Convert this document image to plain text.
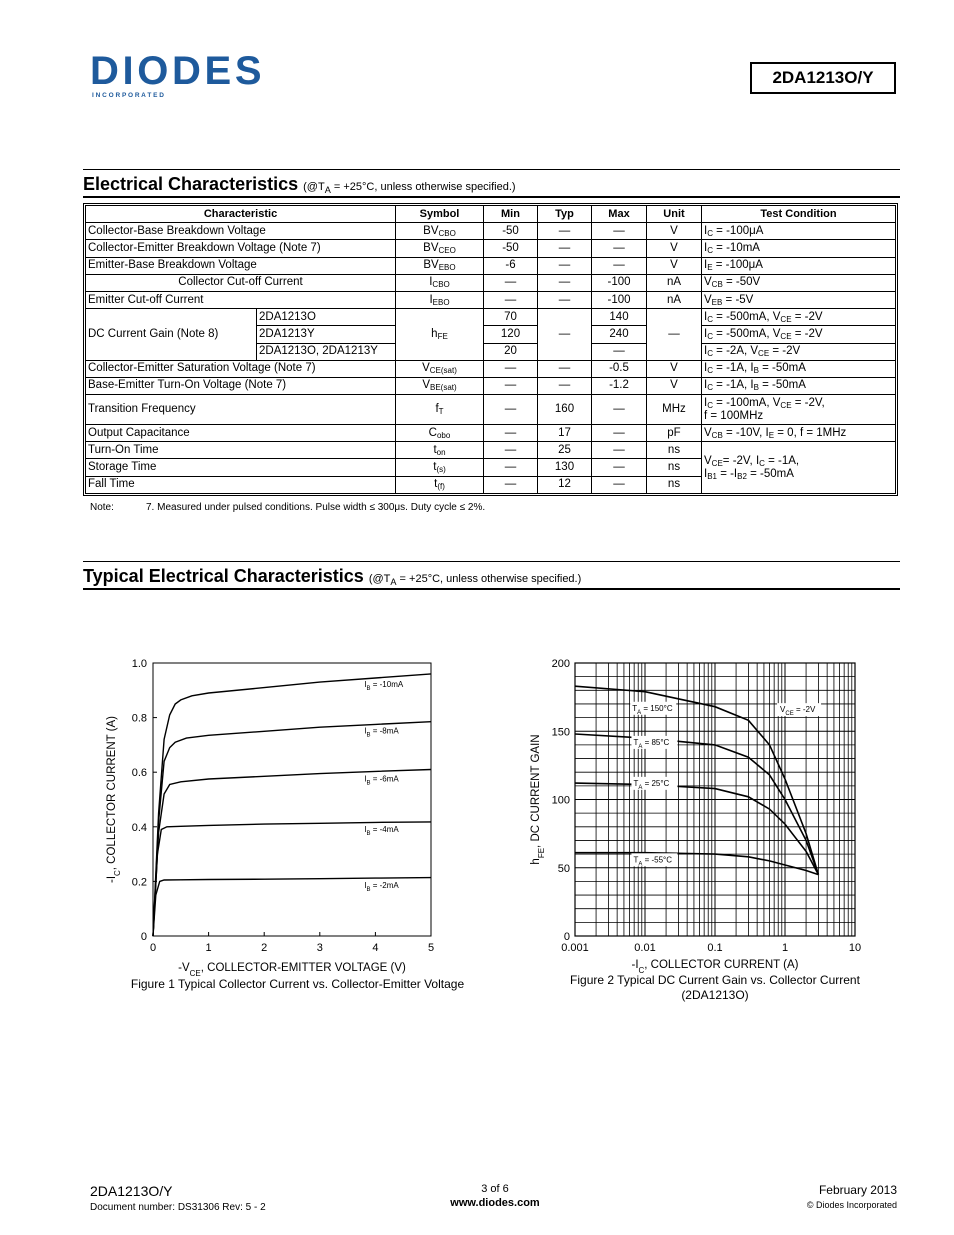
DIODES
I N C O R P O R A T E D
2DA1213O/Y
Electrical Characteristics ($@T_A = +25^\circ C$, unless otherwise specified.)
Characteristic		Symbol	Min	Typ	Max	Unit	Test Condition
Collector-Base Breakdown Voltage		$BV_{CBO}$	-50	—	—	V	$I_C = -100\mu A$
Collector-Emitter Breakdown Voltage (Note 7)		$BV_{CEO}$	-50	—	—	V	$I_C = -10mA$
Emitter-Base Breakdown Voltage		$BV_{EBO}$	-6	—	—	V	$I_E = -100\mu A$
Collector Cut-off Current		$I_{CBO}$	—	—	-100	nA	$V_{CB} = -50V$
Emitter Cut-off Current		$I_{EBO}$	—	—	-100	nA	$V_{EB} = -5V$
DC Current Gain (Note 8)	2DA1213O	$h_{FE}$	70	—	140	—	$I_C = -500mA$, $V_{CE} = -2V$
	2DA1213Y		120		240		$I_C = -500mA$, $V_{CE} = -2V$
	2DA1213O, 2DA1213Y		20		—		$I_C = -2A$, $V_{CE} = -2V$
Collector-Emitter Saturation Voltage (Note 7)		$V_{CE(sat)}$	—	—	-0.5	V	$I_C = -1A$, $I_B = -50mA$
Base-Emitter Turn-On Voltage (Note 7)		$V_{BE(sat)}$	—	—	-1.2	V	$I_C = -1A$, $I_B = -50mA$
Transition Frequency		$f_T$	—	160	—	MHz	$I_C = -100mA$, $V_{CE} = -2V$,
f = 100MHz
Output Capacitance		$C_{obo}$	—	17	—	pF	$V_{CB} = -10V$, $I_E = 0$, f = 1MHz
Turn-On Time		$t_{on}$	—	25	—	ns	$V_{CE}= -2V$, $I_C = -1A$,
$I_{B1} = -I_{B2} = -50mA$
Storage Time		$t_{(s)}$	—	130	—	ns	
Fall Time		$t_{(f)}$	—	12	—	ns	
Note:	7. Measured under pulsed conditions. Pulse width ≤ 300μs. Duty cycle ≤ 2%.
Typical Electrical Characteristics ($@T_A = +25^\circ C$, unless otherwise specified.)
0	1	2	3	4	5
0
0.2
0.4
0.6
0.8
1.0
$-V_{CE}$, COLLECTOR-EMITTER VOLTAGE (V)
$-I_C$, COLLECTOR CURRENT (A)
$I_B = -10mA$
$I_B = -8mA$
$I_B = -6mA$
$I_B = -4mA$
$I_B = -2mA$
Figure 1 Typical Collector Current vs. Collector-Emitter Voltage
0.001	0.01	0.1	1	10
0
50
100
150
200
$-I_C$, COLLECTOR CURRENT (A)
$h_{FE}$, DC CURRENT GAIN
$T_A = 150^\circ C$
$T_A = 85^\circ C$
$T_A = 25^\circ C$
$T_A = -55^\circ C$
$V_{CE} = -2V$
Figure 2 Typical DC Current Gain vs. Collector Current
(2DA1213O)
2DA1213O/Y
Document number: DS31306 Rev: 5 - 2
3 of 6
www.diodes.com
February 2013
© Diodes Incorporated
